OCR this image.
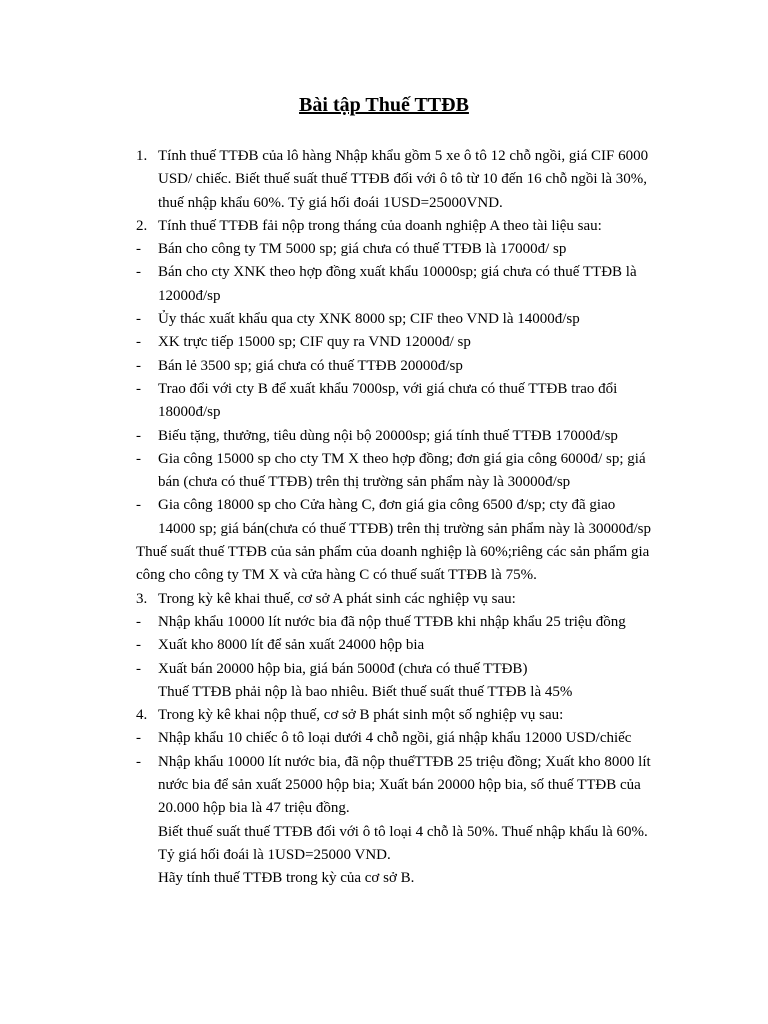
Bài tập Thuế TTĐB
1. Tính thuế TTĐB của lô hàng Nhập khẩu gồm 5 xe ô tô 12 chỗ ngồi, giá CIF 6000
USD/ chiếc. Biết thuế suất thuế TTĐB đối với ô tô từ 10 đến 16 chỗ ngồi là 30%,
thuế nhập khẩu 60%. Tỷ giá hối đoái 1USD=25000VND.
2. Tính thuế TTĐB fải nộp trong tháng của doanh nghiệp A theo tài liệu sau:
- Bán cho công ty TM 5000 sp; giá chưa có thuế TTĐB là 17000đ/ sp
- Bán cho cty XNK theo hợp đồng xuất khẩu 10000sp; giá chưa có thuế TTĐB là
12000đ/sp
- Ủy thác xuất khẩu qua cty XNK 8000 sp; CIF theo VND là 14000đ/sp
- XK trực tiếp 15000 sp; CIF quy ra VND 12000đ/ sp
- Bán lẻ 3500 sp; giá chưa có thuế TTĐB 20000đ/sp
- Trao đổi với cty B để xuất khẩu 7000sp, với giá chưa có thuế TTĐB trao đổi
18000đ/sp
- Biếu tặng, thưởng, tiêu dùng nội bộ 20000sp; giá tính thuế TTĐB 17000đ/sp
- Gia công 15000 sp cho cty TM X theo hợp đồng; đơn giá gia công 6000đ/ sp; giá
bán (chưa có thuế TTĐB) trên thị trường sản phẩm này là 30000đ/sp
- Gia công 18000 sp cho Cửa hàng C, đơn giá gia công 6500 đ/sp; cty đã giao
14000 sp; giá bán(chưa có thuế TTĐB) trên thị trường sản phẩm này là 30000đ/sp
Thuế suất thuế TTĐB của sản phẩm của doanh nghiệp là 60%;riêng các sản phẩm gia
công cho công ty TM X và cửa hàng C có thuế suất TTĐB là 75%.
3. Trong kỳ kê khai thuế, cơ sở A phát sinh các nghiệp vụ sau:
- Nhập khẩu 10000 lít nước bia đã nộp thuế TTĐB khi nhập khẩu 25 triệu đồng
- Xuất kho 8000 lít để sản xuất 24000 hộp bia
- Xuất bán 20000 hộp bia, giá bán 5000đ (chưa có thuế TTĐB)
Thuế TTĐB phải nộp là bao nhiêu. Biết thuế suất thuế TTĐB là 45%
4. Trong kỳ kê khai nộp thuế, cơ sở B phát sinh một số nghiệp vụ sau:
- Nhập khẩu 10 chiếc ô tô loại dưới 4 chỗ ngồi, giá nhập khẩu 12000 USD/chiếc
- Nhập khẩu 10000 lít nước bia, đã nộp thuếTTĐB 25 triệu đồng; Xuất kho 8000 lít
nước bia để sản xuất 25000 hộp bia; Xuất bán 20000 hộp bia, số thuế TTĐB của
20.000 hộp bia là 47 triệu đồng.
Biết thuế suất thuế TTĐB đối với ô tô loại 4 chỗ là 50%. Thuế nhập khẩu là 60%.
Tỷ giá hối đoái là 1USD=25000 VND.
Hãy tính thuế TTĐB trong kỳ của cơ sở B.
